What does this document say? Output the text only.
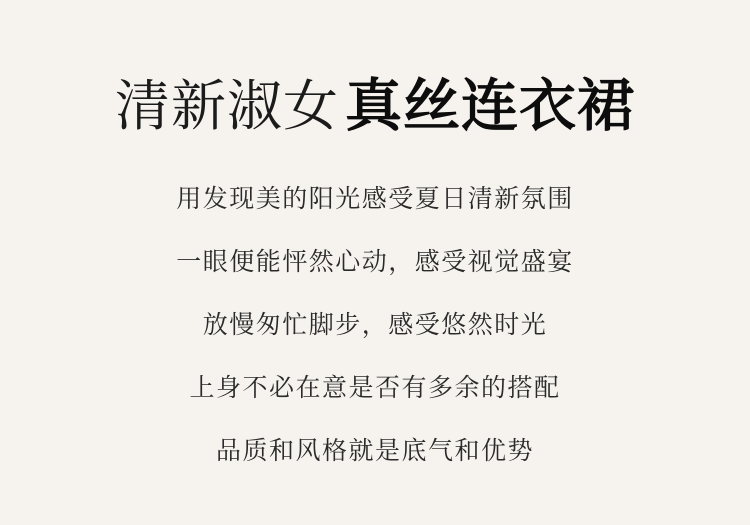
清新淑女 真丝连衣裙
用发现美的阳光感受夏日清新氛围
一眼便能怦然心动，感受视觉盛宴
放慢匆忙脚步，感受悠然时光
上身不必在意是否有多余的搭配
品质和风格就是底气和优势
